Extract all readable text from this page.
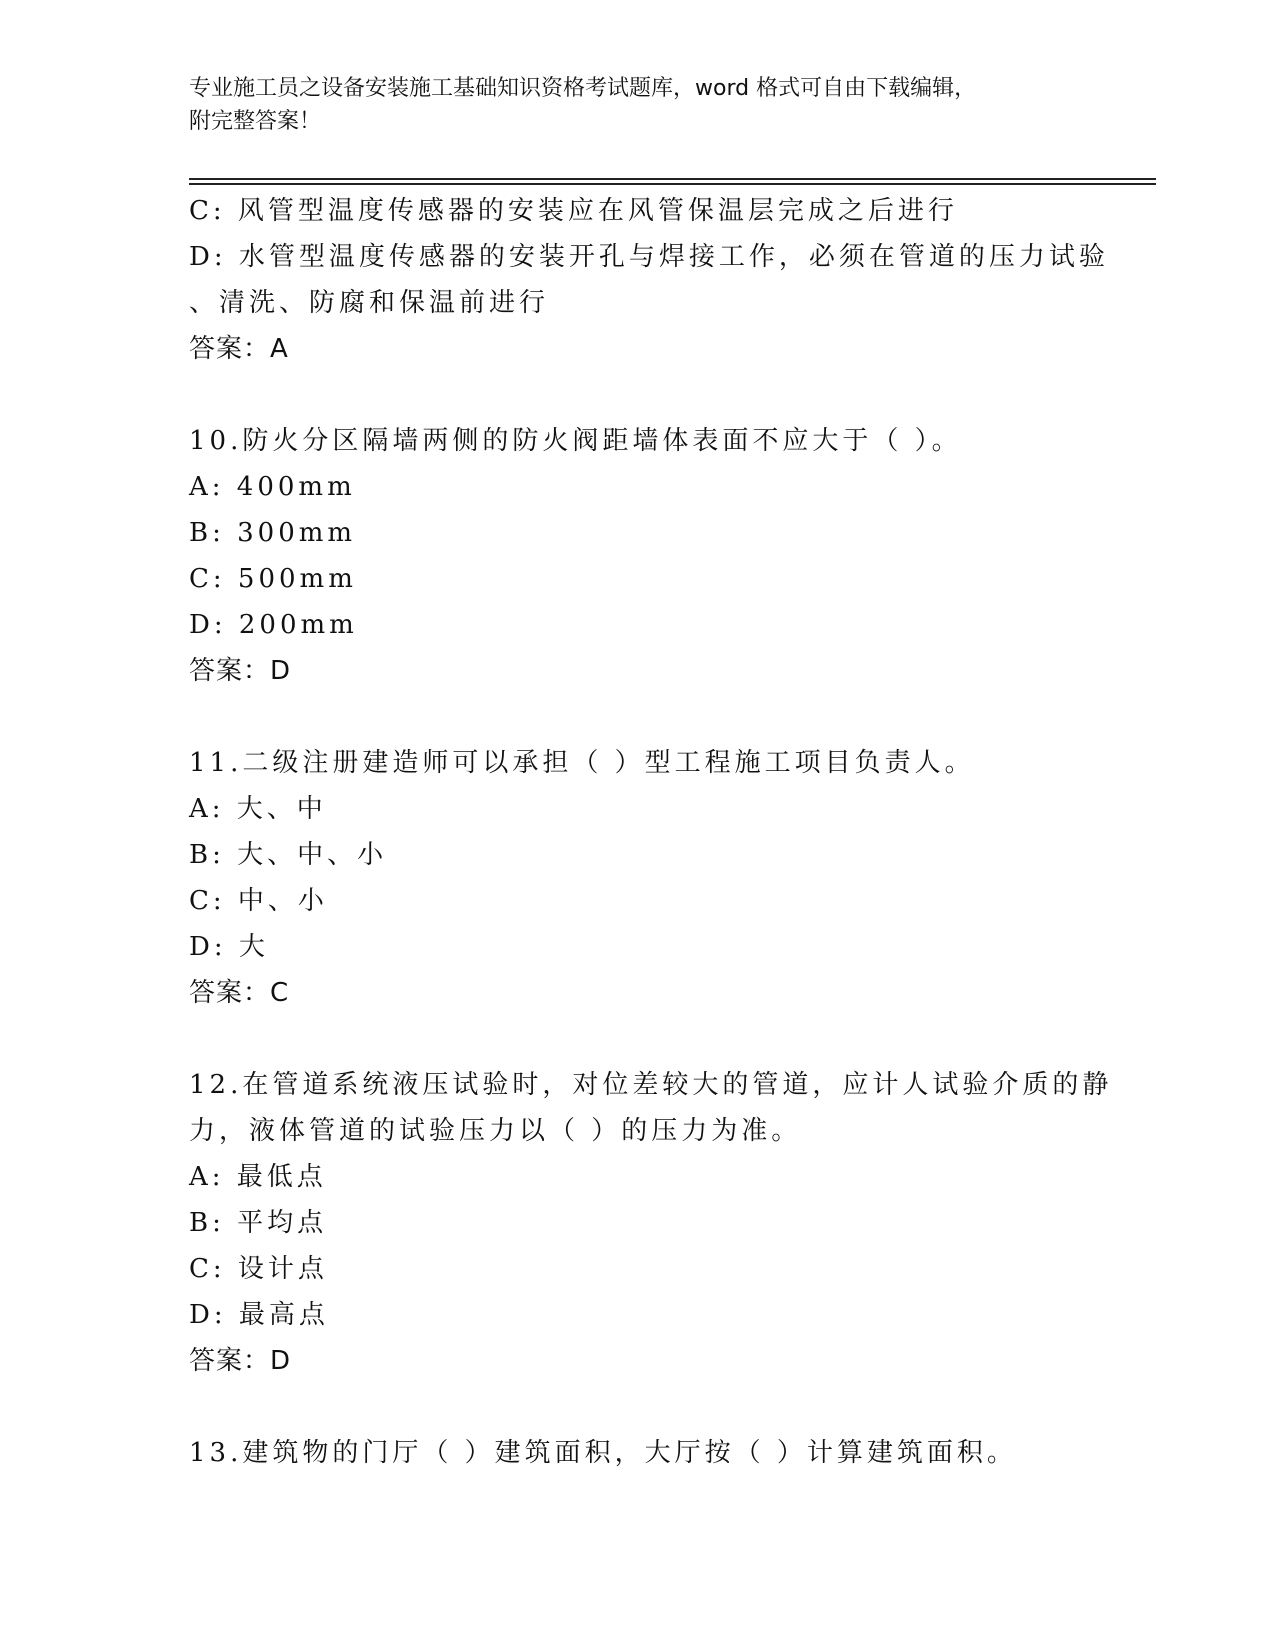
专业施工员之设备安装施工基础知识资格考试题库，word 格式可自由下载编辑，
附完整答案！
C: 风管型温度传感器的安装应在风管保温层完成之后进行
D: 水管型温度传感器的安装开孔与焊接工作，必须在管道的压力试验
、清洗、防腐和保温前进行
答案：A
10.防火分区隔墙两侧的防火阀距墙体表面不应大于（ ）。
A: 400mm
B: 300mm
C: 500mm
D: 200mm
答案：D
11.二级注册建造师可以承担（ ）型工程施工项目负责人。
A: 大、中
B: 大、中、小
C: 中、小
D: 大
答案：C
12.在管道系统液压试验时，对位差较大的管道，应计人试验介质的静
力，液体管道的试验压力以（ ）的压力为准。
A: 最低点
B: 平均点
C: 设计点
D: 最高点
答案：D
13.建筑物的门厅（ ）建筑面积，大厅按（ ）计算建筑面积。
